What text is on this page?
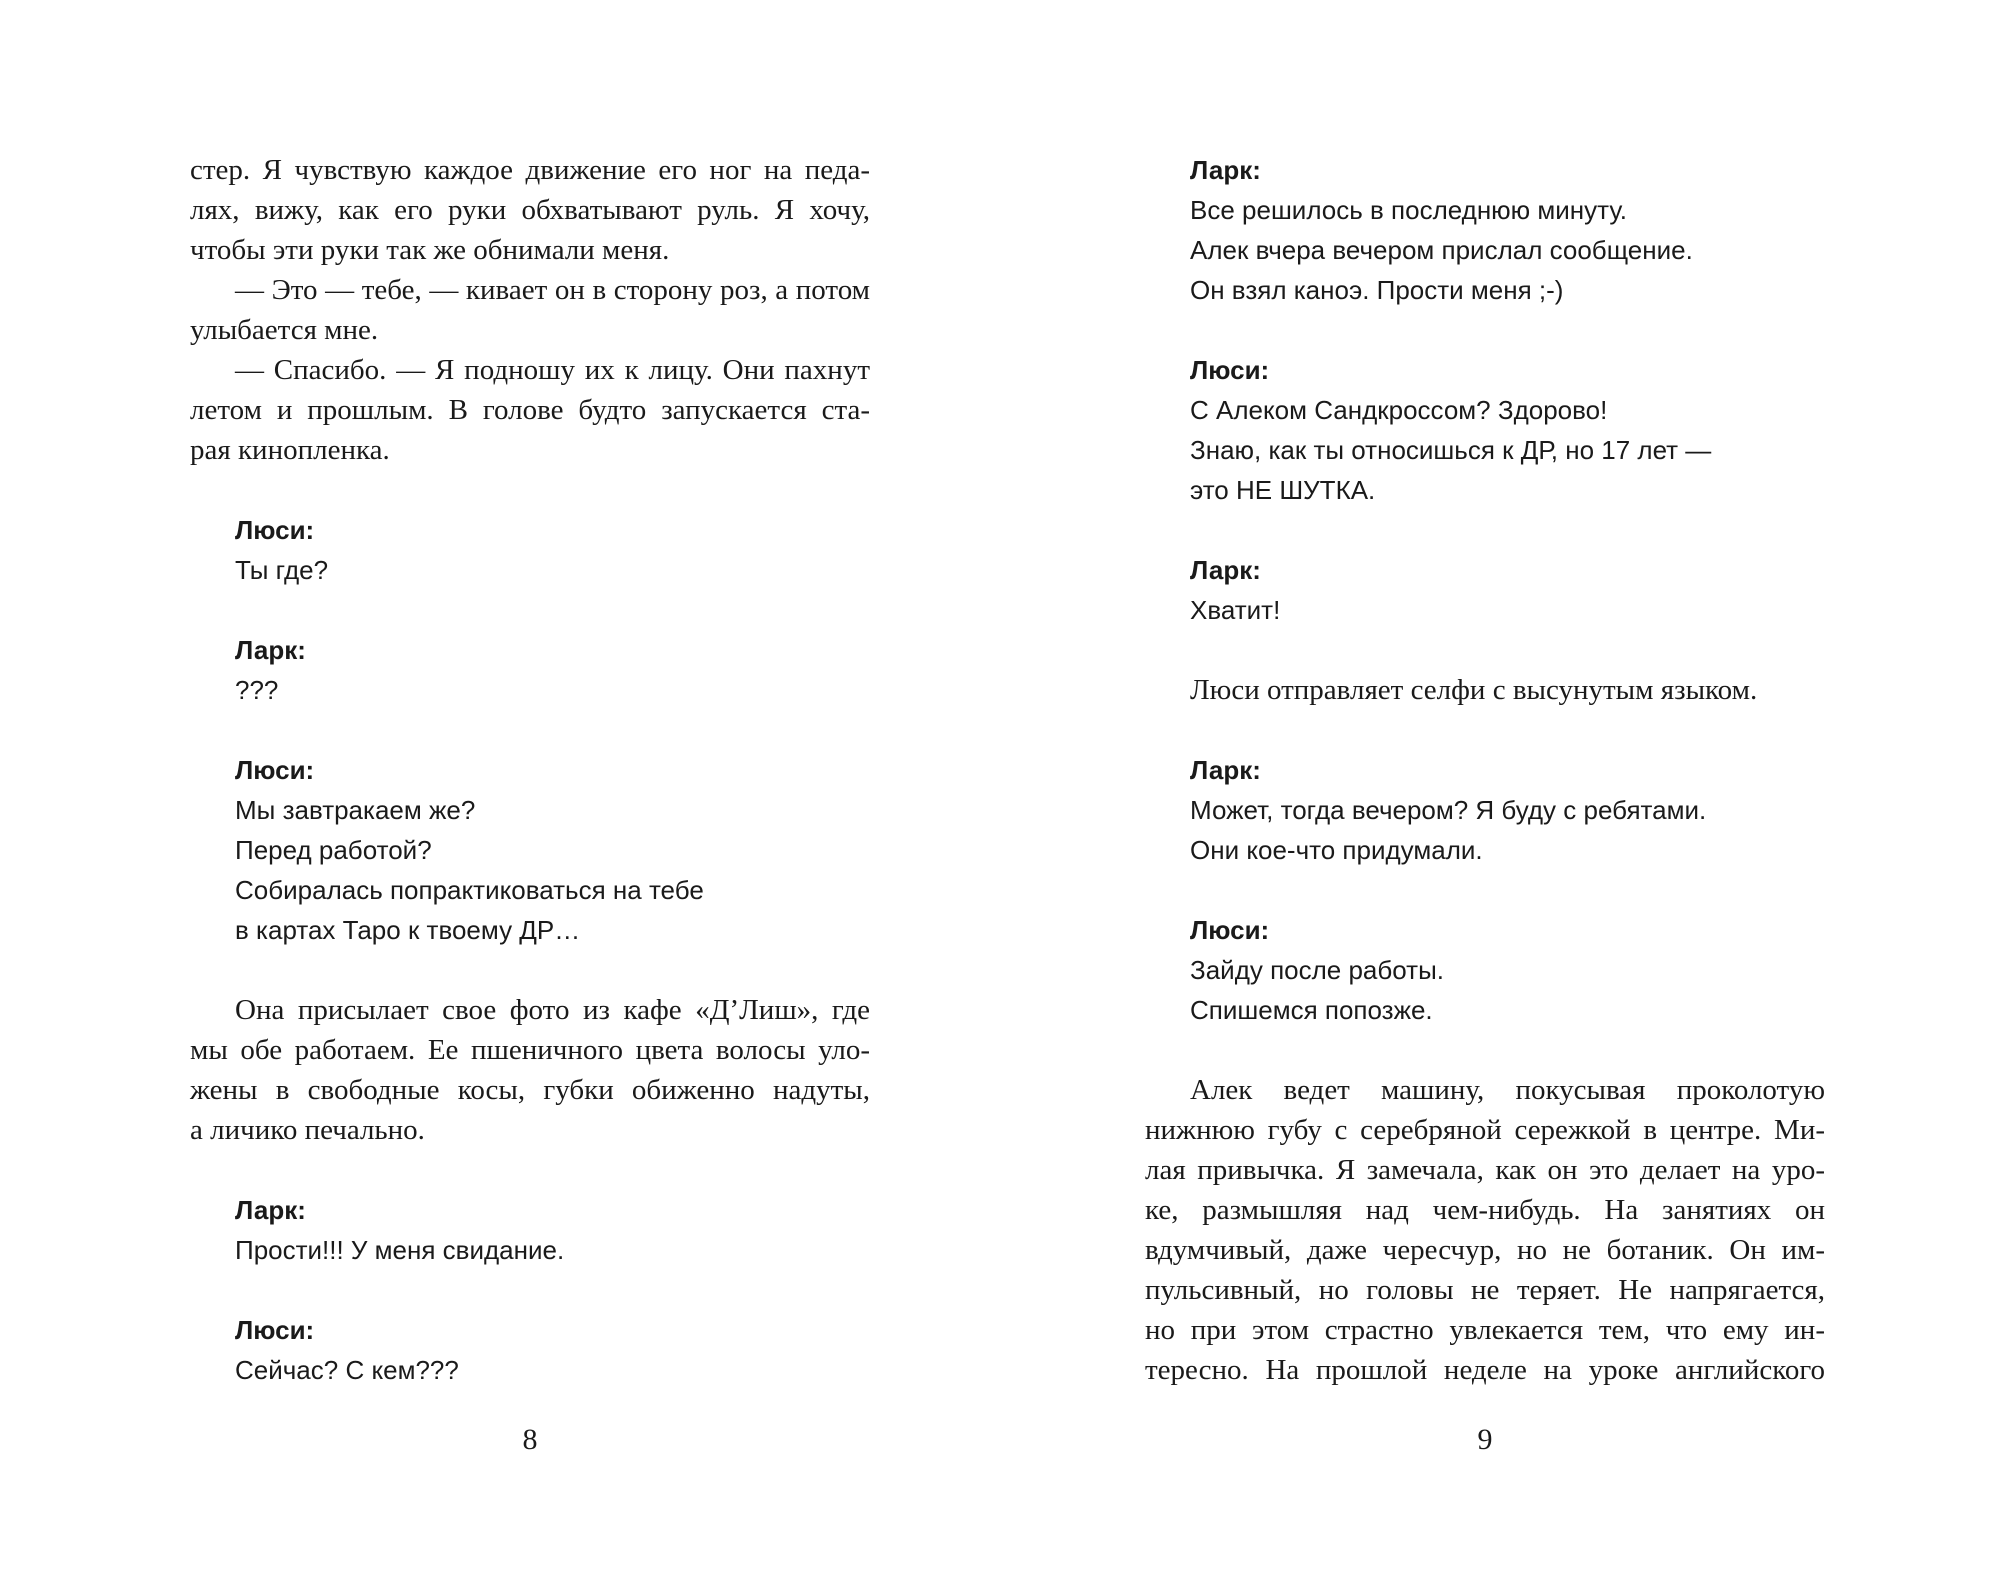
стер. Я чувствую каждое движение его ног на педа-
лях, вижу, как его руки обхватывают руль. Я хочу,
чтобы эти руки так же обнимали меня.
— Это — тебе, — кивает он в сторону роз, а потом
улыбается мне.
— Спасибо. — Я подношу их к лицу. Они пахнут
летом и прошлым. В голове будто запускается ста-
рая кинопленка.
Люси:
Ты где?
Ларк:
???
Люси:
Мы завтракаем же?
Перед работой?
Собиралась попрактиковаться на тебе
в картах Таро к твоему ДР…
Она присылает свое фото из кафе «Д’Лиш», где
мы обе работаем. Ее пшеничного цвета волосы уло-
жены в свободные косы, губки обиженно надуты,
а личико печально.
Ларк:
Прости!!! У меня свидание.
Люси:
Сейчас? С кем???
8
Ларк:
Все решилось в последнюю минуту.
Алек вчера вечером прислал сообщение.
Он взял каноэ. Прости меня ;-)
Люси:
С Алеком Сандкроссом? Здорово!
Знаю, как ты относишься к ДР, но 17 лет —
это НЕ ШУТКА.
Ларк:
Хватит!
Люси отправляет селфи с высунутым языком.
Ларк:
Может, тогда вечером? Я буду с ребятами.
Они кое-что придумали.
Люси:
Зайду после работы.
Спишемся попозже.
Алек ведет машину, покусывая проколотую
нижнюю губу с серебряной сережкой в центре. Ми-
лая привычка. Я замечала, как он это делает на уро-
ке, размышляя над чем-нибудь. На занятиях он
вдумчивый, даже чересчур, но не ботаник. Он им-
пульсивный, но головы не теряет. Не напрягается,
но при этом страстно увлекается тем, что ему ин-
тересно. На прошлой неделе на уроке английского
9
